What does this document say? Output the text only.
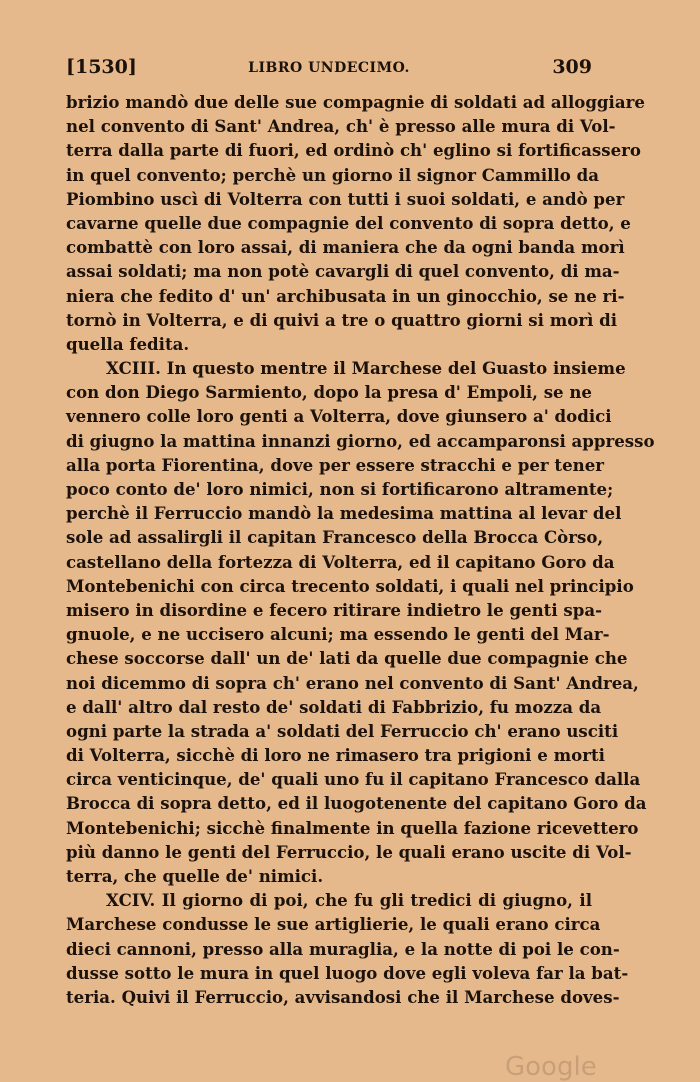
[1530]	LIBRO UNDECIMO.	309
brizio mandò due delle sue compagnie di soldati ad alloggiare
nel convento di Sant' Andrea, ch' è presso alle mura di Vol-
terra dalla parte di fuori, ed ordinò ch' eglino si fortificassero
in quel convento; perchè un giorno il signor Cammillo da
Piombino uscì di Volterra con tutti i suoi soldati, e andò per
cavarne quelle due compagnie del convento di sopra detto, e
combattè con loro assai, di maniera che da ogni banda morì
assai soldati; ma non potè cavargli di quel convento, di ma-
niera che fedito d' un' archibusata in un ginocchio, se ne ri-
tornò in Volterra, e di quivi a tre o quattro giorni si morì di
quella fedita.
XCIII. In questo mentre il Marchese del Guasto insieme
con don Diego Sarmiento, dopo la presa d' Empoli, se ne
vennero colle loro genti a Volterra, dove giunsero a' dodici
di giugno la mattina innanzi giorno, ed accamparonsi appresso
alla porta Fiorentina, dove per essere stracchi e per tener
poco conto de' loro nimici, non si fortificarono altramente;
perchè il Ferruccio mandò la medesima mattina al levar del
sole ad assalirgli il capitan Francesco della Brocca Còrso,
castellano della fortezza di Volterra, ed il capitano Goro da
Montebenichi con circa trecento soldati, i quali nel principio
misero in disordine e fecero ritirare indietro le genti spa-
gnuole, e ne uccisero alcuni; ma essendo le genti del Mar-
chese soccorse dall' un de' lati da quelle due compagnie che
noi dicemmo di sopra ch' erano nel convento di Sant' Andrea,
e dall' altro dal resto de' soldati di Fabbrizio, fu mozza da
ogni parte la strada a' soldati del Ferruccio ch' erano usciti
di Volterra, sicchè di loro ne rimasero tra prigioni e morti
circa venticinque, de' quali uno fu il capitano Francesco dalla
Brocca di sopra detto, ed il luogotenente del capitano Goro da
Montebenichi; sicchè finalmente in quella fazione ricevettero
più danno le genti del Ferruccio, le quali erano uscite di Vol-
terra, che quelle de' nimici.
XCIV. Il giorno di poi, che fu gli tredici di giugno, il
Marchese condusse le sue artiglierie, le quali erano circa
dieci cannoni, presso alla muraglia, e la notte di poi le con-
dusse sotto le mura in quel luogo dove egli voleva far la bat-
teria. Quivi il Ferruccio, avvisandosi che il Marchese doves-
Google
